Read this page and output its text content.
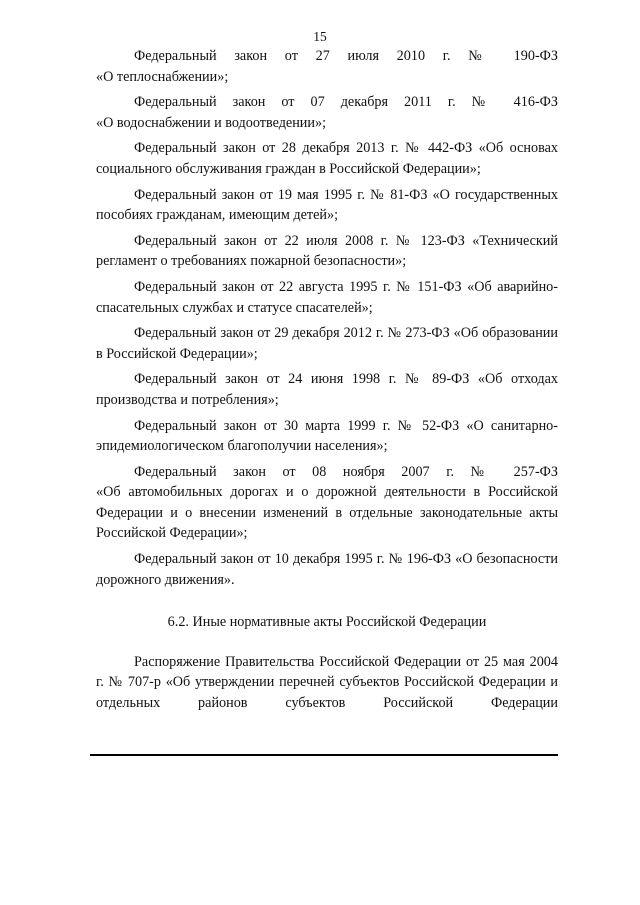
15

Федеральный закон от 27 июля 2010 г. № 190-ФЗ
«О теплоснабжении»;

Федеральный закон от 07 декабря 2011 г. № 416-ФЗ
«О водоснабжении и водоотведении»;

Федеральный закон от 28 декабря 2013 г. № 442-ФЗ «Об основах социального обслуживания граждан в Российской Федерации»;

Федеральный закон от 19 мая 1995 г. № 81-ФЗ «О государственных пособиях гражданам, имеющим детей»;

Федеральный закон от 22 июля 2008 г. № 123-ФЗ «Технический регламент о требованиях пожарной безопасности»;

Федеральный закон от 22 августа 1995 г. № 151-ФЗ «Об аварийно-спасательных службах и статусе спасателей»;

Федеральный закон от 29 декабря 2012 г. № 273-ФЗ «Об образовании в Российской Федерации»;

Федеральный закон от 24 июня 1998 г. № 89-ФЗ «Об отходах производства и потребления»;

Федеральный закон от 30 марта 1999 г. № 52-ФЗ «О санитарно-эпидемиологическом благополучии населения»;

Федеральный закон от 08 ноября 2007 г. № 257-ФЗ
«Об автомобильных дорогах и о дорожной деятельности в Российской Федерации и о внесении изменений в отдельные законодательные акты Российской Федерации»;

Федеральный закон от 10 декабря 1995 г. № 196-ФЗ «О безопасности дорожного движения».

6.2. Иные нормативные акты Российской Федерации

Распоряжение Правительства Российской Федерации от 25 мая 2004 г. № 707-р «Об утверждении перечней субъектов Российской Федерации и отдельных районов субъектов Российской Федерации
